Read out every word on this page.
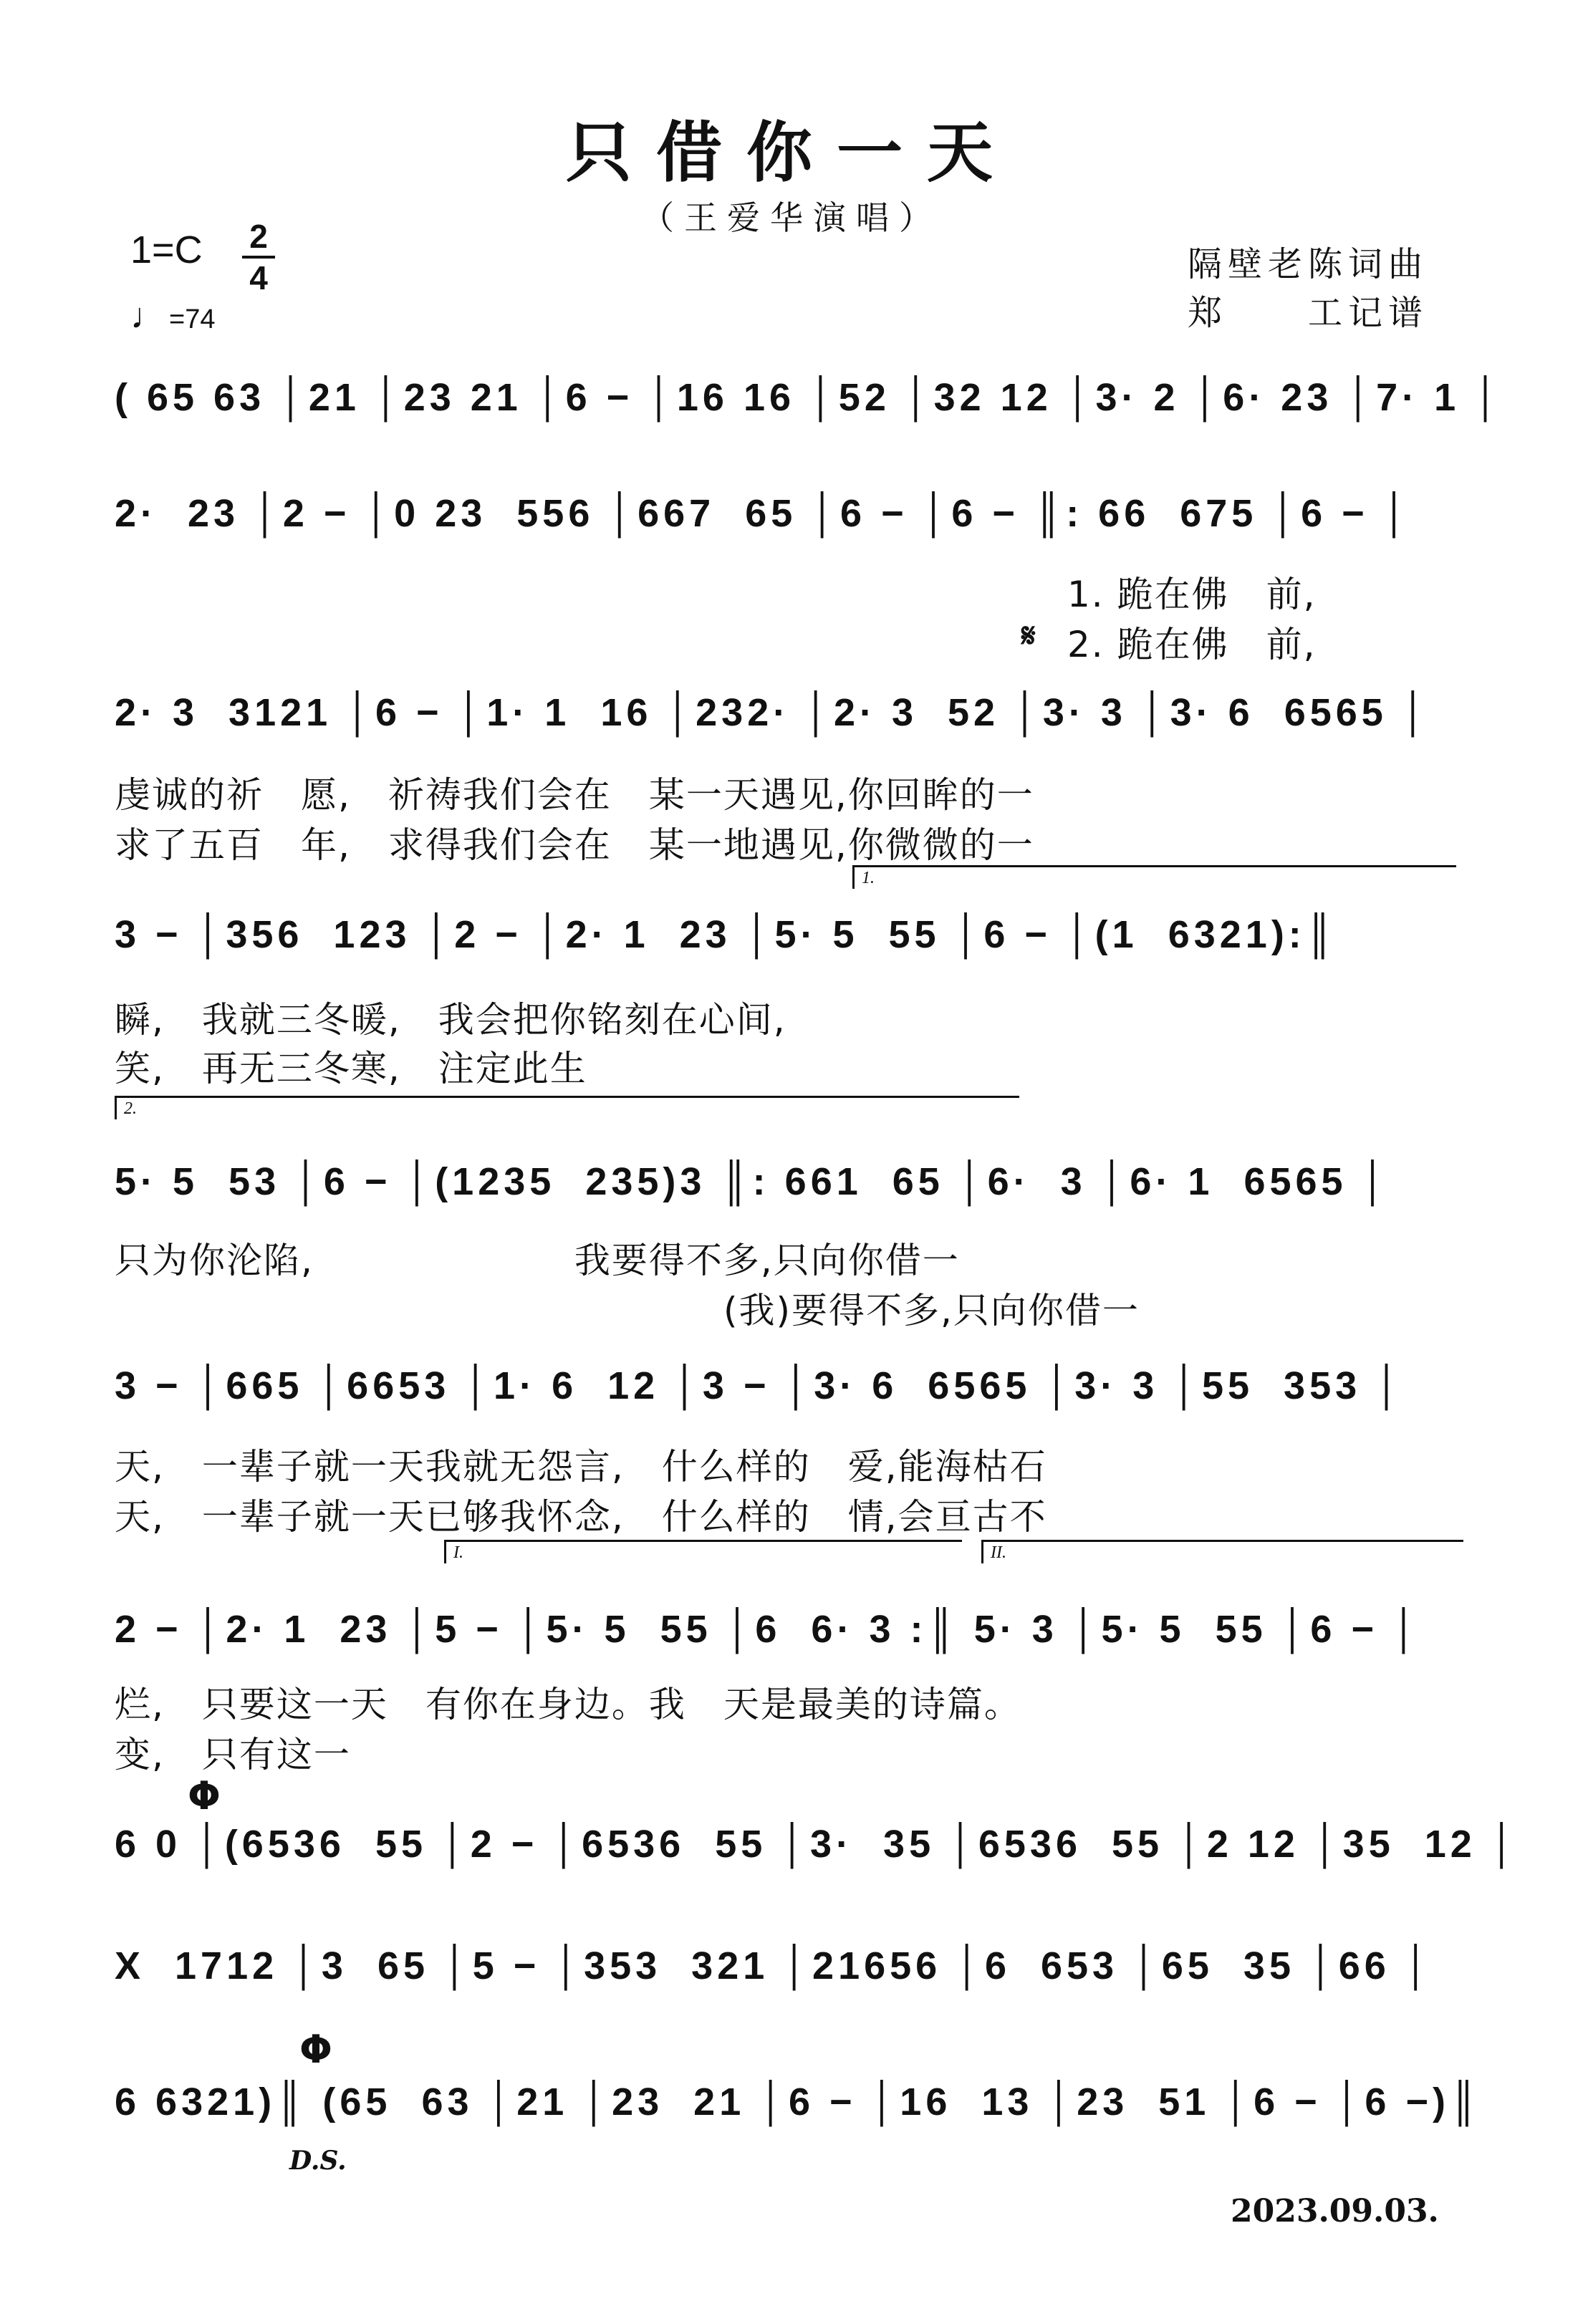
只借你一天
（王爱华演唱）
1=C 2
4
♩ =74
隔壁老陈词曲
郑　　工记谱
( 65 63 │21 │23 21 │6 − │16 16 │52 │32 12 │3· 2 │6· 23 │7· 1 │
2·  23 │2 − │0 23  556 │667  65 │6 − │6 − ║: 66  675 │6 − │
1. 跪在佛　前,
2. 跪在佛　前,
𝄋
2· 3  3121 │6 − │1· 1  16 │232· │2· 3  52 │3· 3 │3· 6  6565 │
虔诚的祈　愿,　祈祷我们会在　某一天遇见,你回眸的一
求了五百　年,　求得我们会在　某一地遇见,你微微的一
1.
3 − │356  123 │2 − │2· 1  23 │5· 5  55 │6 − │(1  6321):║
瞬,　我就三冬暖,　我会把你铭刻在心间,
笑,　再无三冬寒,　注定此生
2.
5· 5  53 │6 − │(1235  235)3 ║: 661  65 │6·  3 │6· 1  6565 │
只为你沦陷,　　　　　　　我要得不多,只向你借一
(我)要得不多,只向你借一
3 − │665 │6653 │1· 6  12 │3 − │3· 6  6565 │3· 3 │55  353 │
天,　一辈子就一天我就无怨言,　什么样的　爱,能海枯石
天,　一辈子就一天已够我怀念,　什么样的　情,会亘古不
I.	II.
2 − │2· 1  23 │5 − │5· 5  55 │6  6· 3 :║ 5· 3 │5· 5  55 │6 − │
烂,　只要这一天　有你在身边。我　天是最美的诗篇。
变,　只有这一
Φ
6 0 │(6536  55 │2 − │6536  55 │3·  35 │6536  55 │2 12 │35  12 │
X  1712 │3  65 │5 − │353  321 │21656 │6  653 │65  35 │66 │
Φ
6 6321)║ (65  63 │21 │23  21 │6 − │16  13 │23  51 │6 − │6 −)║
D.S.
2023.09.03.
